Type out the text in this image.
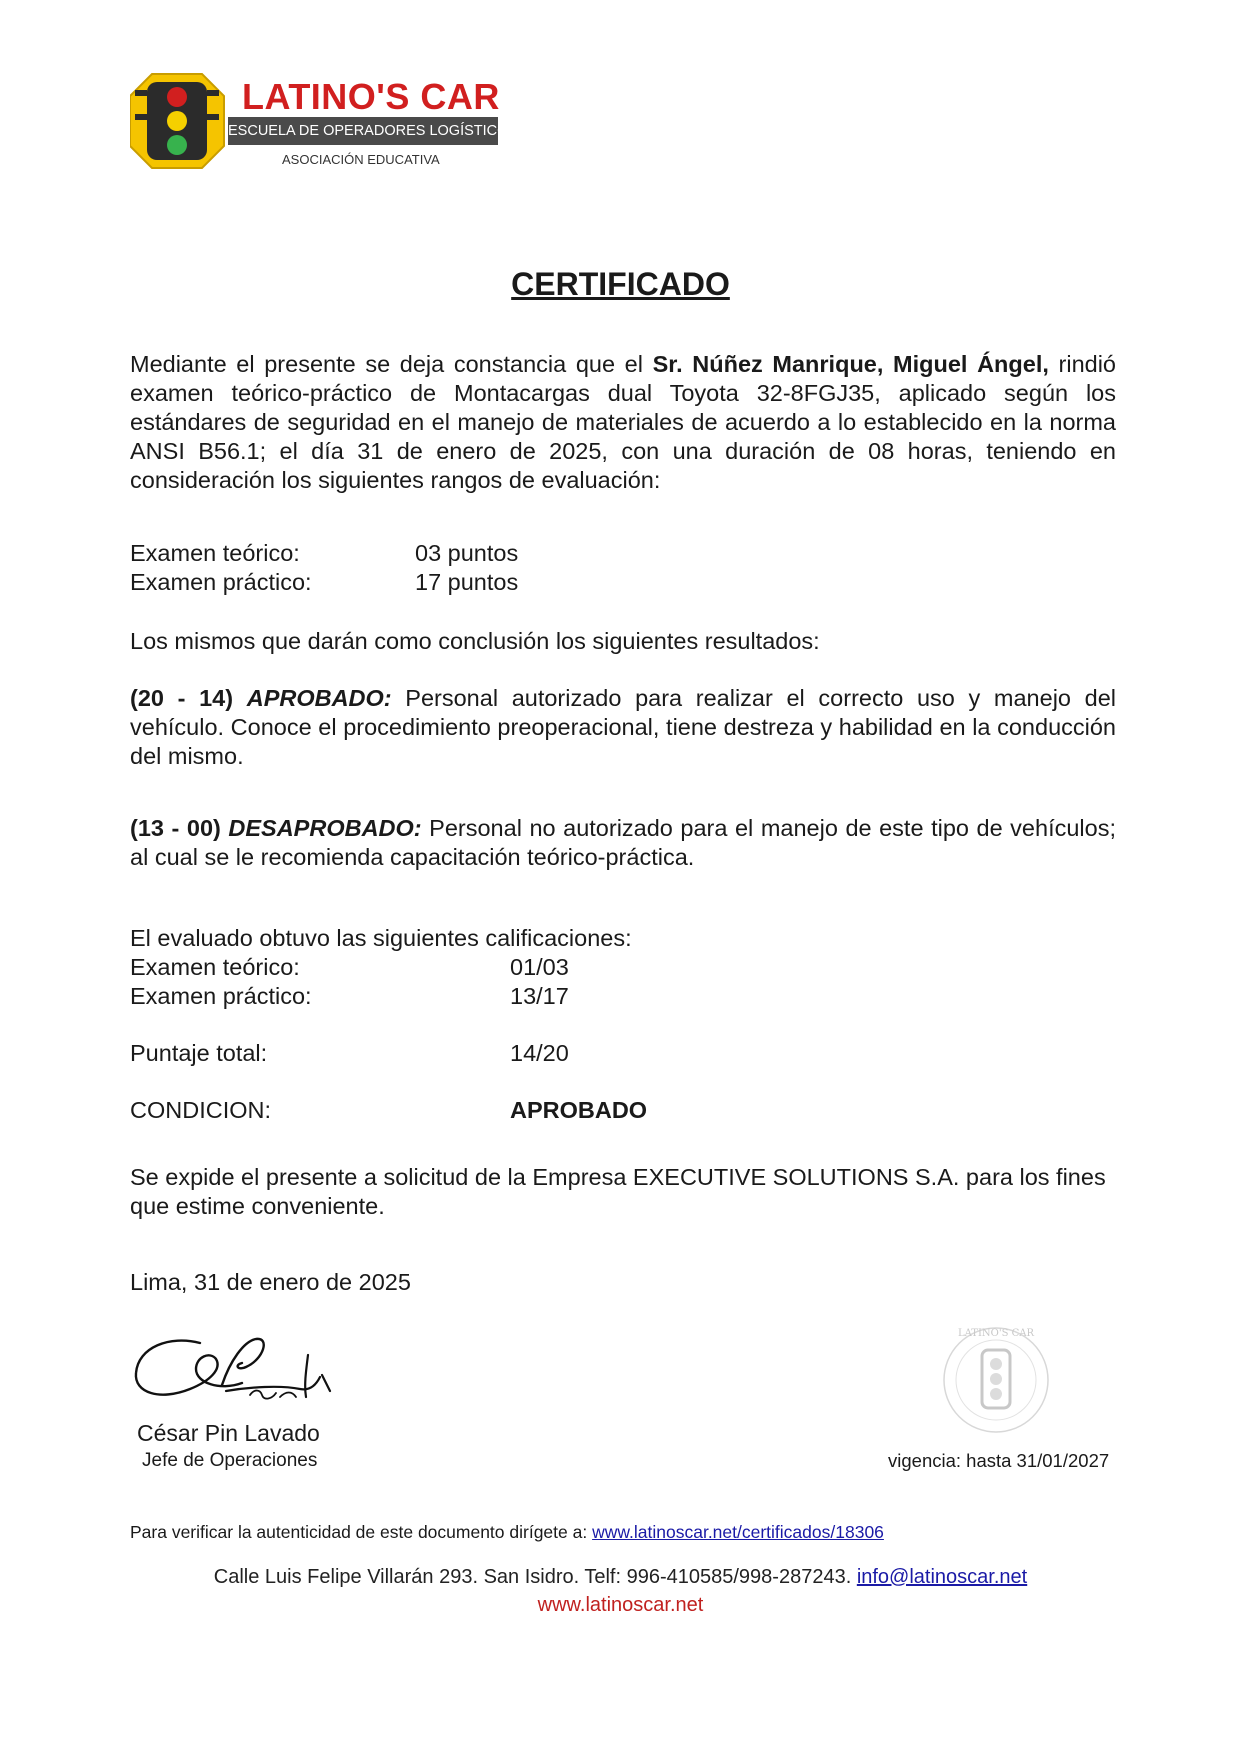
LATINO'S CAR
ESCUELA DE OPERADORES LOGÍSTICOS
ASOCIACIÓN EDUCATIVA
CERTIFICADO
Mediante el presente se deja constancia que el Sr. Núñez Manrique, Miguel Ángel, rindió examen teórico-práctico de Montacargas dual Toyota 32-8FGJ35, aplicado según los estándares de seguridad en el manejo de materiales de acuerdo a lo establecido en la norma ANSI B56.1; el día 31 de enero de 2025, con una duración de 08 horas, teniendo en consideración los siguientes rangos de evaluación:
Examen teórico:	03 puntos
Examen práctico:	17 puntos
Los mismos que darán como conclusión los siguientes resultados:
(20 - 14) APROBADO: Personal autorizado para realizar el correcto uso y manejo del vehículo. Conoce el procedimiento preoperacional, tiene destreza y habilidad en la conducción del mismo.
(13 - 00) DESAPROBADO: Personal no autorizado para el manejo de este tipo de vehículos; al cual se le recomienda capacitación teórico-práctica.
El evaluado obtuvo las siguientes calificaciones:
Examen teórico:	01/03
Examen práctico:	13/17
Puntaje total:	14/20
CONDICION:	APROBADO
Se expide el presente a solicitud de la Empresa EXECUTIVE SOLUTIONS S.A. para los fines que estime conveniente.
Lima, 31 de enero de 2025
César Pin Lavado
Jefe de Operaciones
LATINO'S CAR
vigencia: hasta 31/01/2027
Para verificar la autenticidad de este documento dirígete a: www.latinoscar.net/certificados/18306
Calle Luis Felipe Villarán 293. San Isidro. Telf: 996-410585/998-287243. info@latinoscar.net
www.latinoscar.net
